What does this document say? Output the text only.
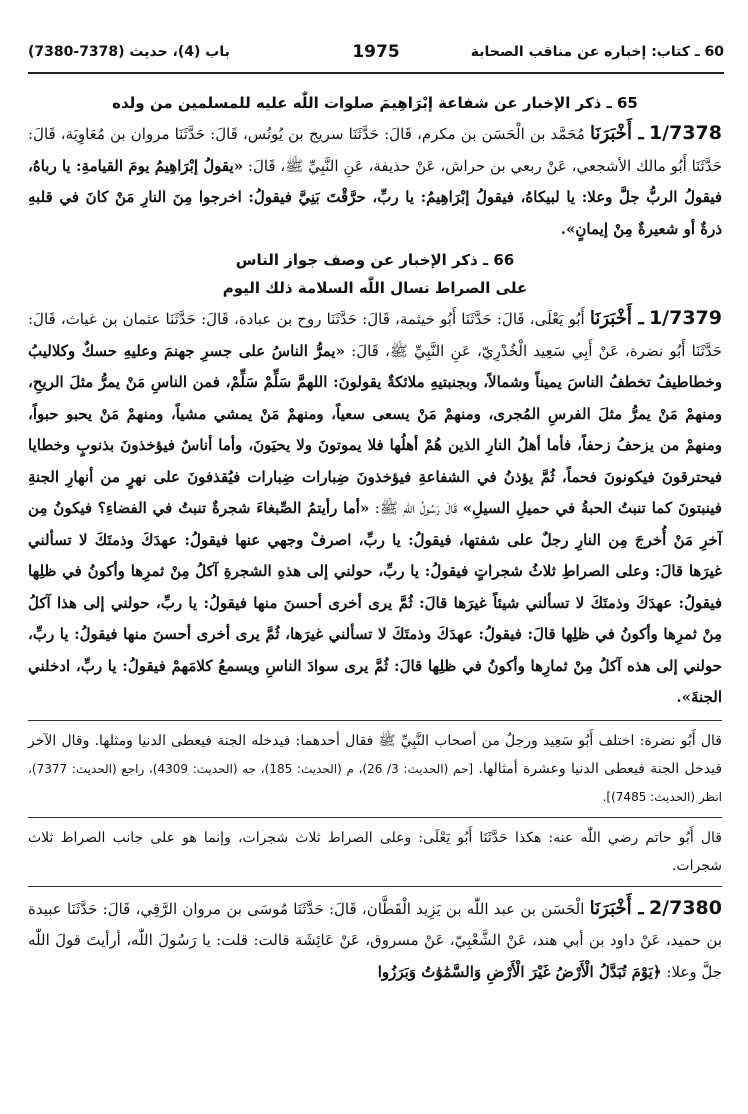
60 ـ كتاب: إخباره عن مناقب الصحابة
1975
باب (4)، حديث (7378-7380)
65 ـ ذكر الإخبار عن شفاعة إبْرَاهِيمَ صلوات اللّٰه عليه للمسلمين من ولده

1/7378 ـ أَخْبَرَنَا مُحَمَّد بن الْحَسَن بن مكرم، قَالَ: حَدَّثَنَا سريج بن يُونُس، قَالَ: حَدَّثَنَا مروان بن مُعَاوِيَة، قَالَ: حَدَّثَنَا أَبُو مالك الأشجعي، عَنْ ربعي بن حراش، عَنْ حذيفة، عَنِ النَّبِيِّ ﷺ، قَالَ: «يقولُ إبْرَاهِيمُ يومَ القيامةِ: يا رباهُ، فيقولُ الربُّ جلَّ وعلا: يا لبيكاهُ، فيقولُ إبْرَاهِيمُ: يا ربِّ، حرَّقْتَ بَنِيَّ فيقولُ: اخرجوا مِنَ النارِ مَنْ كانَ في قلبهِ ذرةٌ أو شعيرةٌ مِنْ إيمانٍ».

66 ـ ذكر الإخبار عن وصف جواز الناس
على الصراط نسال اللّٰه السلامة ذلك اليوم

1/7379 ـ أَخْبَرَنَا أَبُو يَعْلَى، قَالَ: حَدَّثَنَا أَبُو خيثمة، قَالَ: حَدَّثَنَا روح بن عبادة، قَالَ: حَدَّثَنَا عثمان بن غياث، قَالَ: حَدَّثَنَا أَبُو نضرة، عَنْ أَبِي سَعِيد الْخُدْرِيّ، عَنِ النَّبِيِّ ﷺ، قَالَ: «يمرُّ الناسُ على جسرِ جهنمَ وعليهِ حسكٌ وكلاليبُ وخطاطيفُ تخطفُ الناسَ يميناً وشمالاً، وبجنبتيهِ ملائكةٌ يقولونَ: اللهمَّ سَلِّمْ سَلِّمْ، فمن الناسِ مَنْ يمرُّ مثلَ الريحِ، ومنهمْ مَنْ يمرُّ مثلَ الفرسِ المُجرى، ومنهمْ مَنْ يسعى سعياً، ومنهمْ مَنْ يمشي مشياً، ومنهمْ مَنْ يحبو حبواً، ومنهمْ من يزحفُ زحفاً، فأما أهلُ النارِ الذين هُمْ أهلُها فلا يموتونَ ولا يحيَونَ، وأما أناسٌ فيؤخذونَ بذنوبٍ وخطايا فيحترقونَ فيكونونَ فحماً، ثُمَّ يؤذنُ في الشفاعةِ فيؤخذونَ ضِبارات ضِبارات فيُقذفونَ على نهرٍ من أنهارِ الجنةِ فينبتونَ كما تنبتُ الحبةُ في حميلِ السيلِ» قَالَ رَسُولُ اللّٰهِ ﷺ: «أما رأيتمُ الصِّبغاءَ شجرةٌ تنبتُ في الفضاءِ؟ فيكونُ مِن آخرِ مَنْ أُخرجَ مِن النارِ رجلٌ على شفتها، فيقولُ: يا ربِّ، اصرفْ وجهي عنها فيقولُ: عهدَكَ وذمتَكَ لا تسألني غيرَها قالَ: وعلى الصراطِ ثلاثُ شجراتٍ فيقولُ: يا ربِّ، حولني إلى هذهِ الشجرةِ آكلُ مِنْ ثمرِها وأكونُ في ظلِها فيقولُ: عهدَكَ وذمتَكَ لا تسألني شيئاً غيرَها قالَ: ثُمَّ يرى أخرى أحسنَ منها فيقولُ: يا ربِّ، حولني إلى هذا آكلُ مِنْ ثمرِها وأكونُ في ظلِها قالَ: فيقولُ: عهدَكَ وذمتَكَ لا تسألني غيرَها، ثُمَّ يرى أخرى أحسنَ منها فيقولُ: يا ربِّ، حولني إلى هذه آكلُ مِنْ ثمارِها وأكونُ في ظلِها قالَ: ثُمَّ يرى سوادَ الناسِ ويسمعُ كلامَهمْ فيقولُ: يا ربِّ، ادخلني الجنةَ».

قال أَبُو نضرة: اختلف أَبُو سَعِيد ورجلٌ من أصحاب النَّبِيِّ ﷺ فقال أحدهما: فيدخله الجنة فيعطى الدنيا ومثلها. وقال الآخر فيدخل الجنة فيعطى الدنيا وعشرة أمثالها. [حم (الحديث: 3/ 26)، م (الحديث: 185)، جه (الحديث: 4309)، راجع (الحديث: 7377)، انظر (الحديث: 7485)].

قال أَبُو حاتم رضي اللّٰه عنه: هكذا حَدَّثَنَا أَبُو يَعْلَى: وعلى الصراط ثلاث شجرات، وإنما هو على جانب الصراط ثلاث شجرات.

2/7380 ـ أَخْبَرَنَا الْحَسَن بن عبد اللّٰه بن يَزِيد الْقَطَّان، قَالَ: حَدَّثَنَا مُوسَى بن مروان الرَّقِي، قَالَ: حَدَّثَنَا عبيدة بن حميد، عَنْ داود بن أبي هند، عَنْ الشَّعْبِيّ، عَنْ مسروق، عَنْ عَائِشَة قالت: قلت: يا رَسُولَ اللّٰه، أرأيتَ قولَ اللّٰه جلَّ وعلا: ﴿يَوْمَ تُبَدَّلُ الْأَرْضُ غَيْرَ الْأَرْضِ وَالسَّمَٰوَٰتُ وَبَرَزُوا
